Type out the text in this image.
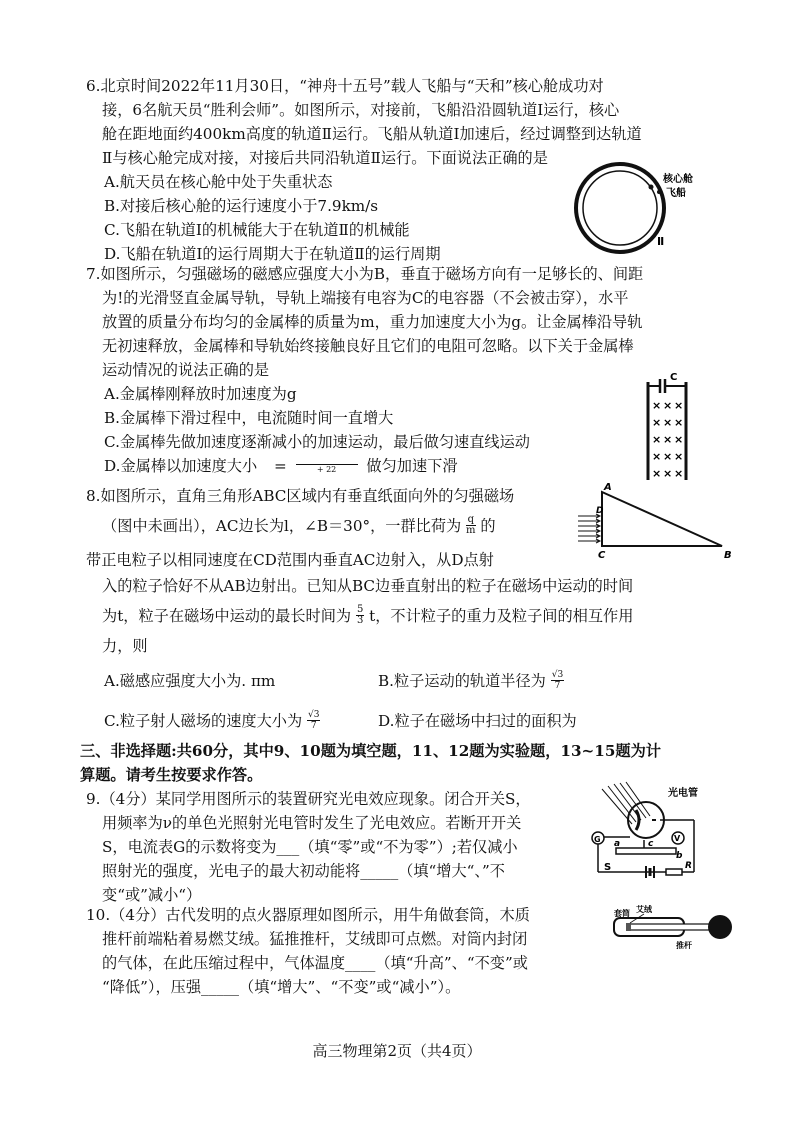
6.北京时间2022年11月30日，“神舟十五号”载人飞船与“天和”核心舱成功对
接，6名航天员“胜利会师”。如图所示，对接前，飞船沿沿圆轨道Ⅰ运行，核心
舱在距地面约400km高度的轨道Ⅱ运行。飞船从轨道Ⅰ加速后，经过调整到达轨道
Ⅱ与核心舱完成对接，对接后共同沿轨道Ⅱ运行。下面说法正确的是
A.航天员在核心舱中处于失重状态
B.对接后核心舱的运行速度小于7.9km/s
C.飞船在轨道Ⅰ的机械能大于在轨道Ⅱ的机械能
D.飞船在轨道Ⅰ的运行周期大于在轨道Ⅱ的运行周期
核心舱
飞船
Ⅱ
7.如图所示，匀强磁场的磁感应强度大小为B，垂直于磁场方向有一足够长的、间距
为!的光滑竖直金属导轨，导轨上端接有电容为C的电容器（不会被击穿），水平
放置的质量分布均匀的金属棒的质量为m，重力加速度大小为g。让金属棒沿导轨
无初速释放，金属棒和导轨始终接触良好且它们的电阻可忽略。以下关于金属棒
运动情况的说法正确的是
A.金属棒刚释放时加速度为g
B.金属棒下滑过程中，电流随时间一直增大
C.金属棒先做加速度逐渐减小的加速运动，最后做匀速直线运动
D.金属棒以加速度大小 =	+ 22	做匀加速下滑
C
× × ×
× × ×
× × ×
× × ×
× × ×
8.如图所示，直角三角形ABC区域内有垂直纸面向外的匀强磁场
（图中未画出），AC边长为l，∠B＝30°，一群比荷为 $\frac{q}{m}$ 的
带正电粒子以相同速度在CD范围内垂直AC边射入，从D点射
入的粒子恰好不从AB边射出。已知从BC边垂直射出的粒子在磁场中运动的时间
为t，粒子在磁场中运动的最长时间为 $\frac{5}{3}$ t，不计粒子的重力及粒子间的相互作用
力，则
A.磁感应强度大小为. πm	B.粒子运动的轨道半径为 $\frac{√3}{7}$
C.粒子射人磁场的速度大小为 $\frac{√3}{7}$	D.粒子在磁场中扫过的面积为
A
C	B
D
三、非选择题:共60分，其中9、10题为填空题，11、12题为实验题，13~15题为计
算题。请考生按要求作答。
9.（4分）某同学用图所示的装置研究光电效应现象。闭合开关S，
用频率为ν的单色光照射光电管时发生了光电效应。若断开开关
S，电流表G的示数将变为___（填“零”或“不为零”）;若仅减小
照射光的强度，光电子的最大初动能将_____（填“增大“、”不
变“或”减小“）
光电管
G	V
a	c
b
S	R
10.（4分）古代发明的点火器原理如图所示，用牛角做套筒，木质
推杆前端粘着易燃艾绒。猛推推杆，艾绒即可点燃。对筒内封闭
的气体，在此压缩过程中，气体温度____（填“升高”、“不变”或
“降低”），压强_____（填“增大”、“不变”或“减小”）。
套筒 艾绒
推杆
高三物理第2页（共4页）
